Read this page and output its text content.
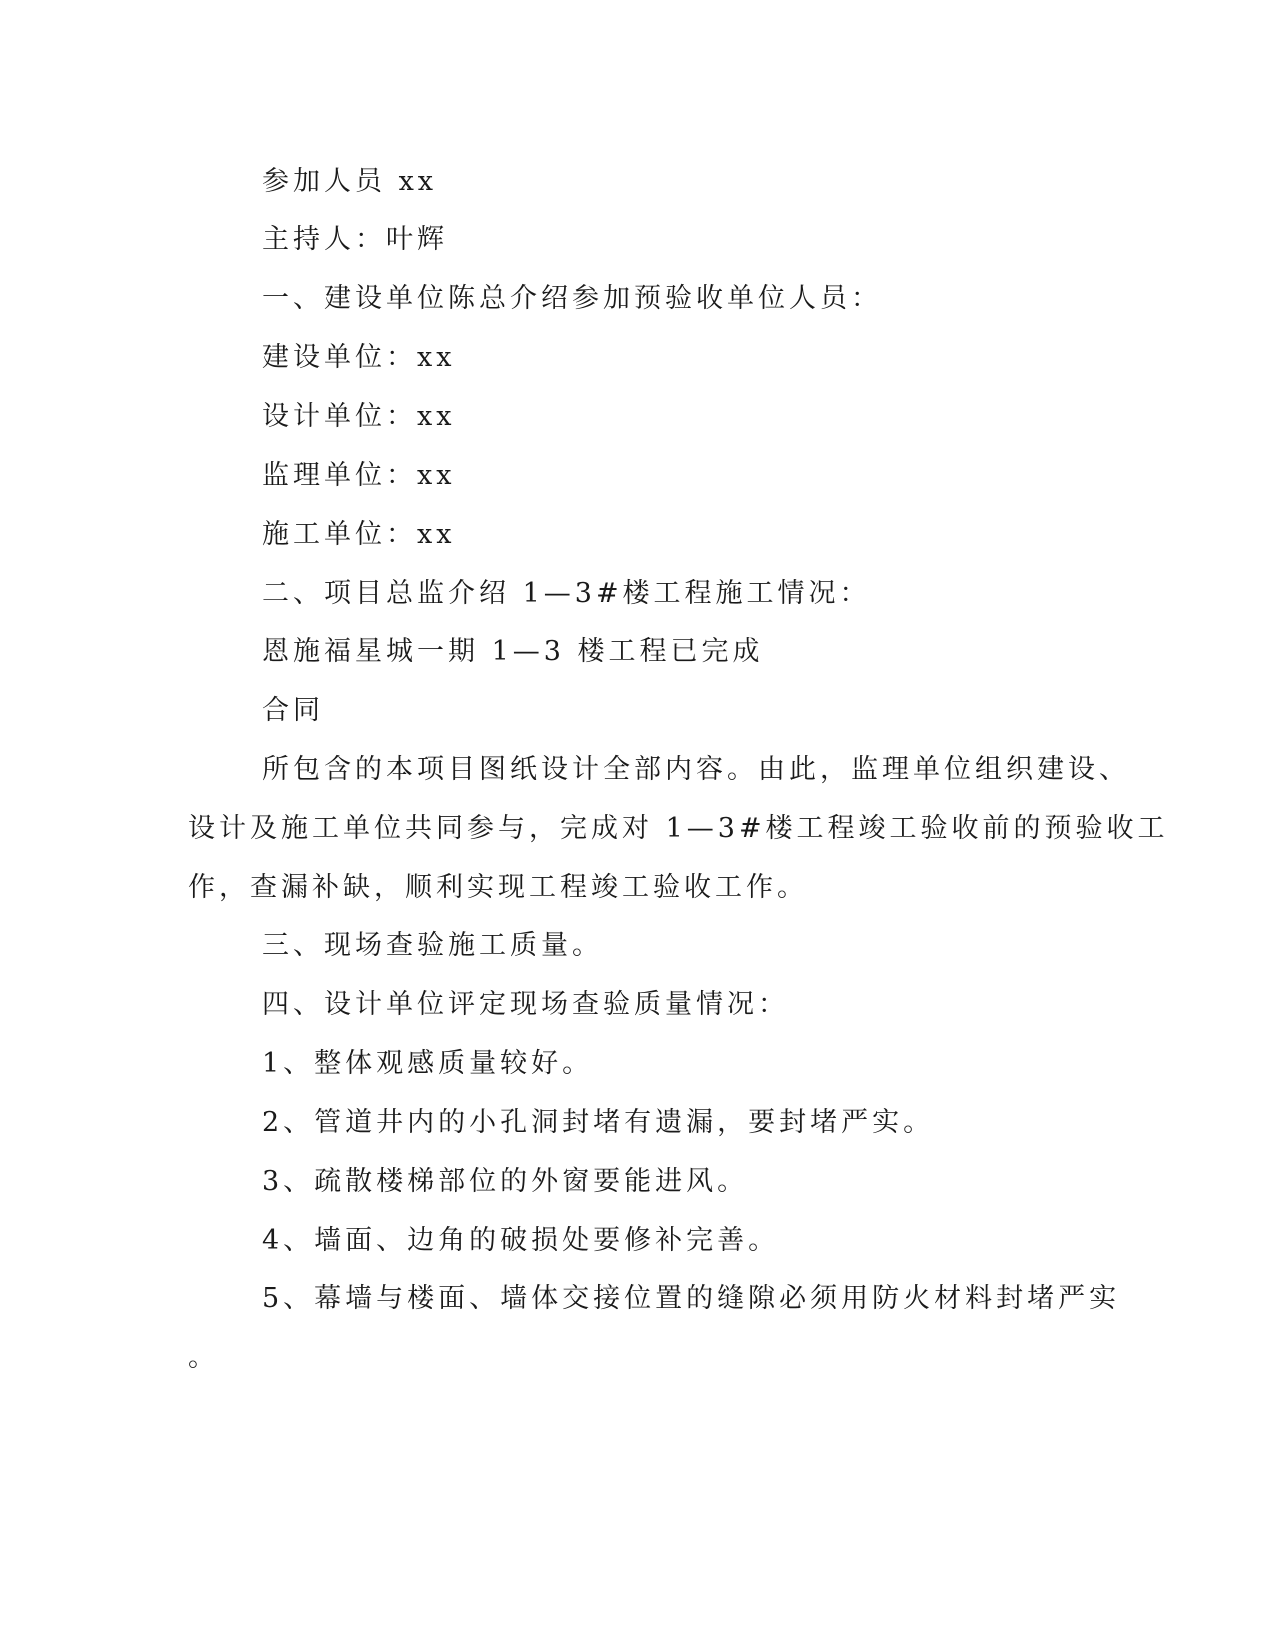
参加人员 xx
主持人：叶辉
一、建设单位陈总介绍参加预验收单位人员：
建设单位：xx
设计单位：xx
监理单位：xx
施工单位：xx
二、项目总监介绍 1—3#楼工程施工情况：
恩施福星城一期 1—3 楼工程已完成
合同
所包含的本项目图纸设计全部内容。由此，监理单位组织建设、
设计及施工单位共同参与，完成对 1—3#楼工程竣工验收前的预验收工
作，查漏补缺，顺利实现工程竣工验收工作。
三、现场查验施工质量。
四、设计单位评定现场查验质量情况：
1、整体观感质量较好。
2、管道井内的小孔洞封堵有遗漏，要封堵严实。
3、疏散楼梯部位的外窗要能进风。
4、墙面、边角的破损处要修补完善。
5、幕墙与楼面、墙体交接位置的缝隙必须用防火材料封堵严实
。
